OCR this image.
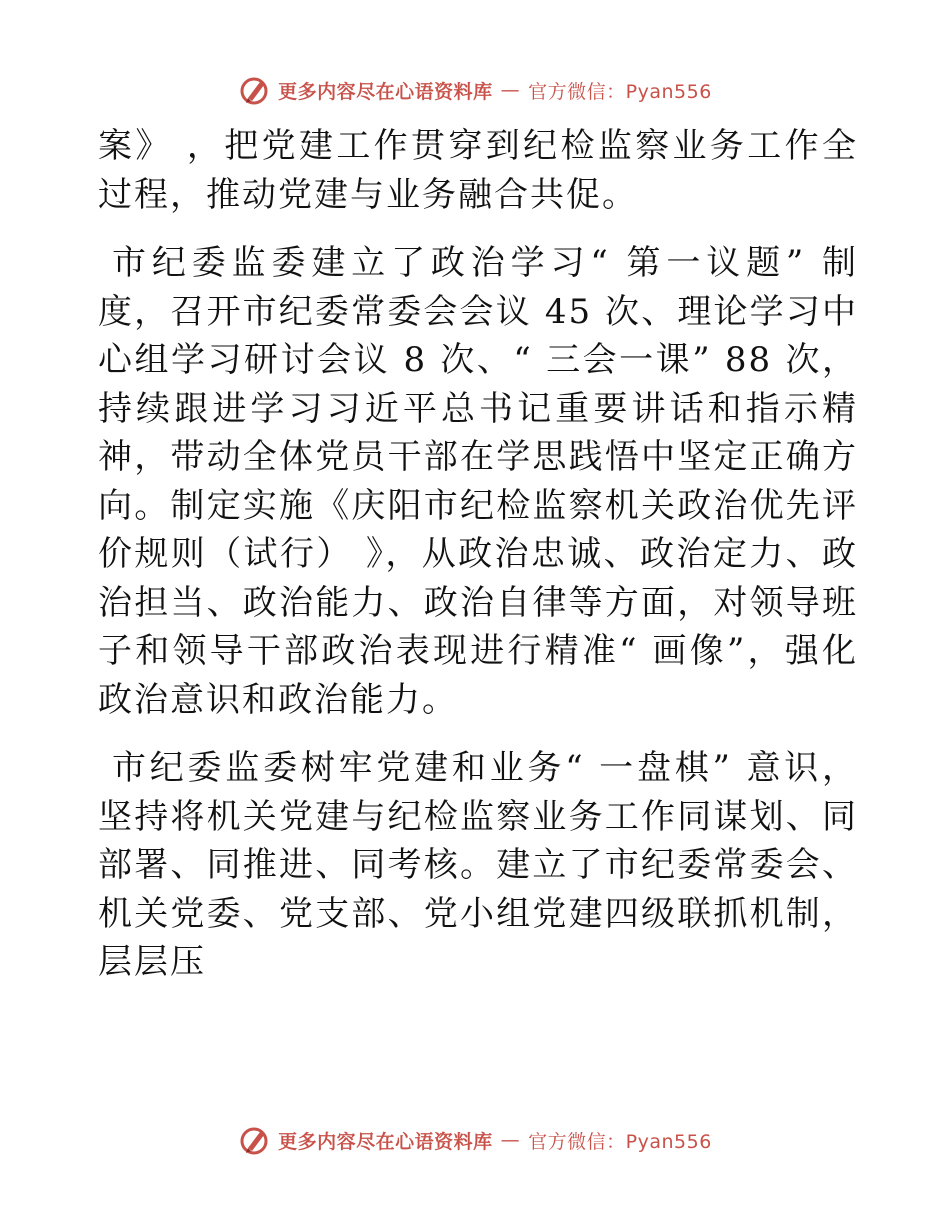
更多内容尽在心语资料库 — 官方微信：Pyan556

案》 ，把党建工作贯穿到纪检监察业务工作全过程，推动党建与业务融合共促。

市纪委监委建立了政治学习“ 第一议题” 制度，召开市纪委常委会会议 45 次、理论学习中心组学习研讨会议 8 次、“ 三会一课” 88 次，持续跟进学习习近平总书记重要讲话和指示精神，带动全体党员干部在学思践悟中坚定正确方向。制定实施《庆阳市纪检监察机关政治优先评价规则（试行） 》，从政治忠诚、政治定力、政治担当、政治能力、政治自律等方面，对领导班子和领导干部政治表现进行精准“ 画像”，强化政治意识和政治能力。

市纪委监委树牢党建和业务“ 一盘棋” 意识，坚持将机关党建与纪检监察业务工作同谋划、同部署、同推进、同考核。建立了市纪委常委会、机关党委、党支部、党小组党建四级联抓机制，层层压

更多内容尽在心语资料库 — 官方微信：Pyan556
